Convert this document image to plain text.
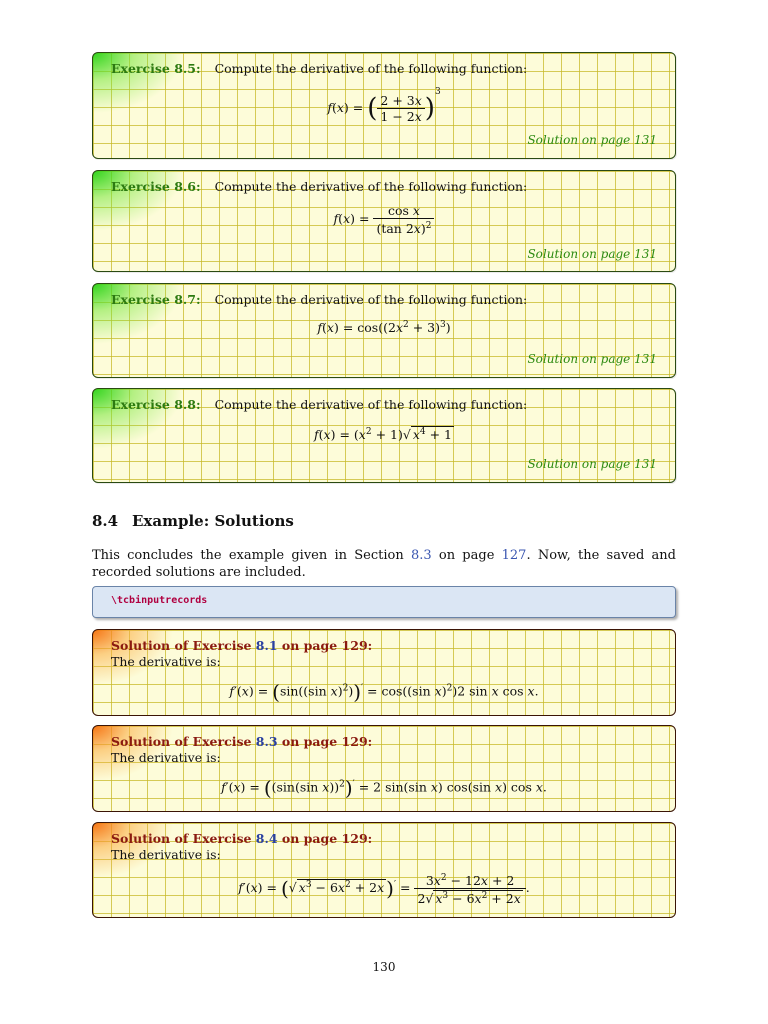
Exercise 8.5: Compute the derivative of the following function:
f(x) = ( $\frac{2 + 3x}{1 - 2x} )^3$
Solution on page 131
Exercise 8.6: Compute the derivative of the following function:
$f(x) = \frac{\text{cos x}}{(\tan 2x)^2}$
Solution on page 131
Exercise 8.7: Compute the derivative of the following function:
$f(x) = \cos((2x^2 + 3)^3)$
Solution on page 131
Exercise 8.8: Compute the derivative of the following function:
$f(x) = (x^2 + 1)√$ $x^4 + 1$
Solution on page 131
8.4 Example: Solutions
This concludes the example given in Section 8.3 on page 127. Now, the saved and recorded solutions are included.
\tcbinputrecords
Solution of Exercise 8.1 on page 129:
The derivative is:
f′(x) = (sin((sin x)$^2$))′ = cos((sin x)$^2$)2 sin x cos x.
Solution of Exercise 8.3 on page 129:
The derivative is:
f′(x) = ((sin(sin x))$^2$)′ = 2 sin(sin x) cos(sin x) cos x.
Solution of Exercise 8.4 on page 129:
The derivative is:
f′(x) = (√ $x^3 - 6x^2 + 2x$ )$' = \frac{3x^2 - 12x + 2}{2√ x^3 - 6x^2 + 2x}$ .
130
